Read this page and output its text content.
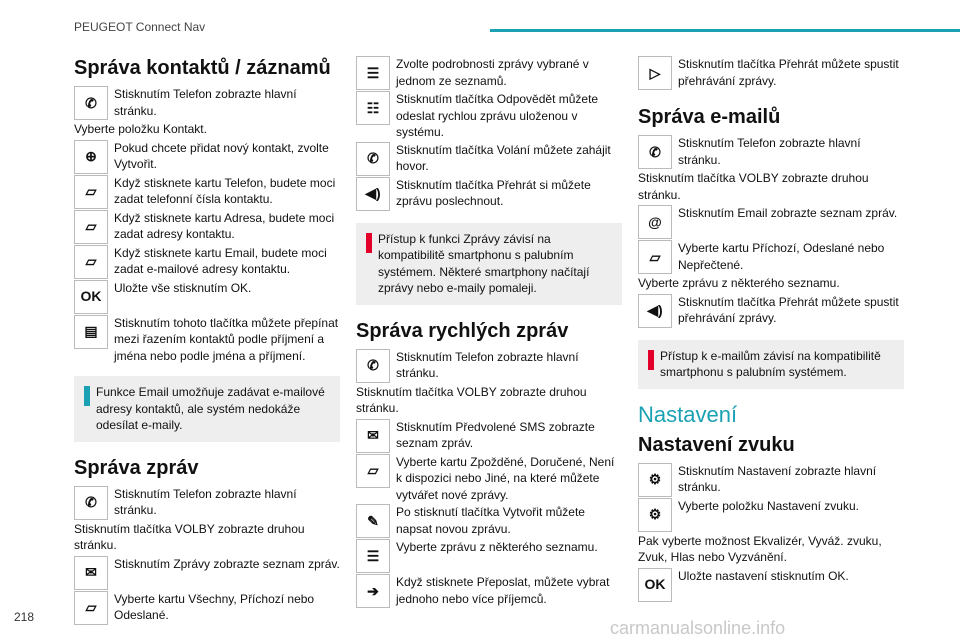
PEUGEOT Connect Nav
Správa kontaktů / záznamů
✆
Stisknutím Telefon zobrazte hlavní stránku.

Vyberte položku Kontakt.

⊕
Pokud chcete přidat nový kontakt, zvolte Vytvořit.
▱
Když stisknete kartu Telefon, budete moci zadat telefonní čísla kontaktu.
▱
Když stisknete kartu Adresa, budete moci zadat adresy kontaktu.
▱
Když stisknete kartu Email, budete moci zadat e-mailové adresy kontaktu.
OK
Uložte vše stisknutím OK.
▤
Stisknutím tohoto tlačítka můžete přepínat mezi řazením kontaktů podle příjmení a jména nebo podle jména a příjmení.
Funkce Email umožňuje zadávat e-mailové adresy kontaktů, ale systém nedokáže odesílat e-maily.
Správa zpráv
✆
Stisknutím Telefon zobrazte hlavní stránku.

Stisknutím tlačítka VOLBY zobrazte druhou stránku.

✉
Stisknutím Zprávy zobrazte seznam zpráv.
▱
Vyberte kartu Všechny, Příchozí nebo Odeslané.
☰
Zvolte podrobnosti zprávy vybrané v jednom ze seznamů.
☷
Stisknutím tlačítka Odpovědět můžete odeslat rychlou zprávu uloženou v systému.
✆
Stisknutím tlačítka Volání můžete zahájit hovor.
◀)
Stisknutím tlačítka Přehrát si můžete zprávu poslechnout.
Přístup k funkci Zprávy závisí na kompatibilitě smartphonu s palubním systémem. Některé smartphony načítají zprávy nebo e-maily pomaleji.
Správa rychlých zpráv
✆
Stisknutím Telefon zobrazte hlavní stránku.

Stisknutím tlačítka VOLBY zobrazte druhou stránku.

✉
Stisknutím Předvolené SMS zobrazte seznam zpráv.
▱
Vyberte kartu Zpožděné, Doručené, Není k dispozici nebo Jiné, na které můžete vytvářet nové zprávy.
✎
Po stisknutí tlačítka Vytvořit můžete napsat novou zprávu.
☰
Vyberte zprávu z některého seznamu.
➔
Když stisknete Přeposlat, můžete vybrat jednoho nebo více příjemců.
▷
Stisknutím tlačítka Přehrát můžete spustit přehrávání zprávy.
Správa e-mailů
✆
Stisknutím Telefon zobrazte hlavní stránku.

Stisknutím tlačítka VOLBY zobrazte druhou stránku.

@
Stisknutím Email zobrazte seznam zpráv.
▱
Vyberte kartu Příchozí, Odeslané nebo Nepřečtené.

Vyberte zprávu z některého seznamu.

◀)
Stisknutím tlačítka Přehrát můžete spustit přehrávání zprávy.
Přístup k e-mailům závisí na kompatibilitě smartphonu s palubním systémem.
Nastavení
Nastavení zvuku
⚙
Stisknutím Nastavení zobrazte hlavní stránku.
⚙
Vyberte položku Nastavení zvuku.

Pak vyberte možnost Ekvalizér, Vyváž. zvuku, Zvuk, Hlas nebo Vyzvánění.

OK
Uložte nastavení stisknutím OK.
218
carmanualsonline.info
